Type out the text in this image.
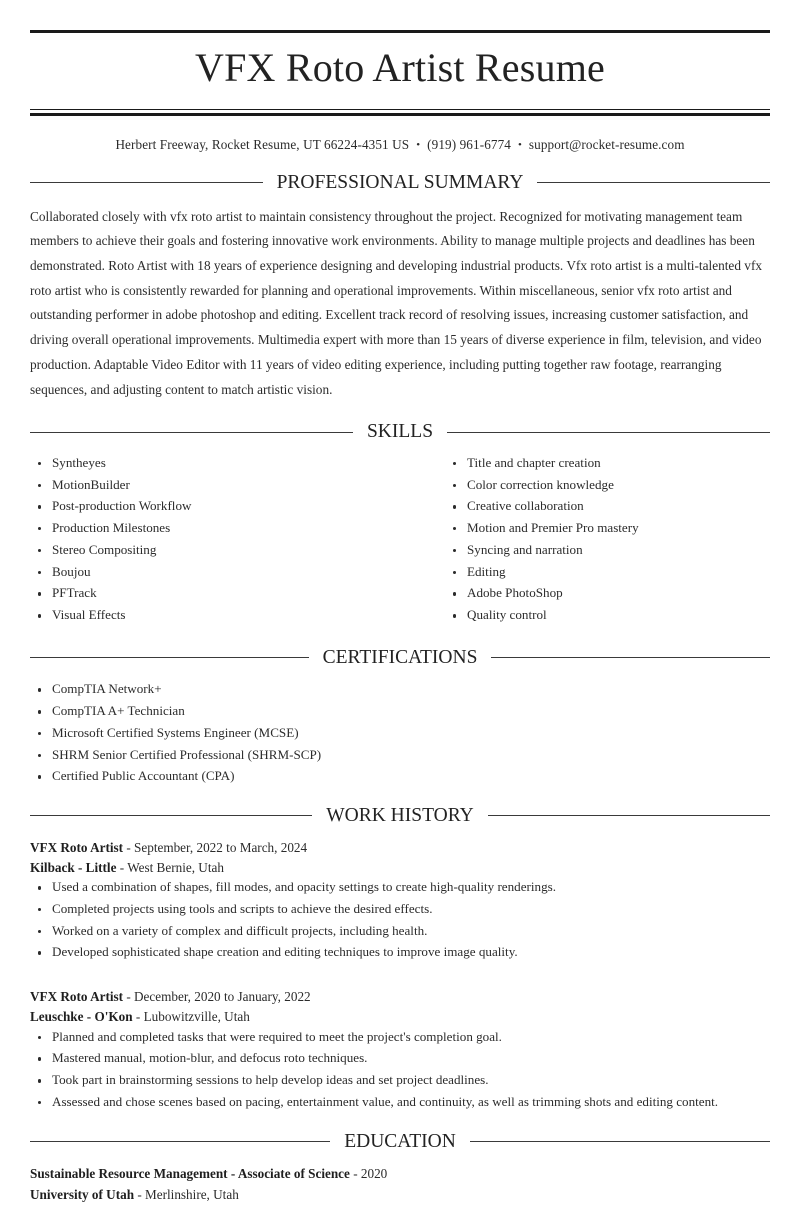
VFX Roto Artist Resume
Herbert Freeway, Rocket Resume, UT 66224-4351 US • (919) 961-6774 • support@rocket-resume.com
PROFESSIONAL SUMMARY
Collaborated closely with vfx roto artist to maintain consistency throughout the project. Recognized for motivating management team members to achieve their goals and fostering innovative work environments. Ability to manage multiple projects and deadlines has been demonstrated. Roto Artist with 18 years of experience designing and developing industrial products. Vfx roto artist is a multi-talented vfx roto artist who is consistently rewarded for planning and operational improvements. Within miscellaneous, senior vfx roto artist and outstanding performer in adobe photoshop and editing. Excellent track record of resolving issues, increasing customer satisfaction, and driving overall operational improvements. Multimedia expert with more than 15 years of diverse experience in film, television, and video production. Adaptable Video Editor with 11 years of video editing experience, including putting together raw footage, rearranging sequences, and adjusting content to match artistic vision.
SKILLS
Syntheyes
MotionBuilder
Post-production Workflow
Production Milestones
Stereo Compositing
Boujou
PFTrack
Visual Effects
Title and chapter creation
Color correction knowledge
Creative collaboration
Motion and Premier Pro mastery
Syncing and narration
Editing
Adobe PhotoShop
Quality control
CERTIFICATIONS
CompTIA Network+
CompTIA A+ Technician
Microsoft Certified Systems Engineer (MCSE)
SHRM Senior Certified Professional (SHRM-SCP)
Certified Public Accountant (CPA)
WORK HISTORY
VFX Roto Artist - September, 2022 to March, 2024
Kilback - Little - West Bernie, Utah
Used a combination of shapes, fill modes, and opacity settings to create high-quality renderings.
Completed projects using tools and scripts to achieve the desired effects.
Worked on a variety of complex and difficult projects, including health.
Developed sophisticated shape creation and editing techniques to improve image quality.
VFX Roto Artist - December, 2020 to January, 2022
Leuschke - O'Kon - Lubowitzville, Utah
Planned and completed tasks that were required to meet the project's completion goal.
Mastered manual, motion-blur, and defocus roto techniques.
Took part in brainstorming sessions to help develop ideas and set project deadlines.
Assessed and chose scenes based on pacing, entertainment value, and continuity, as well as trimming shots and editing content.
EDUCATION
Sustainable Resource Management - Associate of Science - 2020
University of Utah - Merlinshire, Utah
